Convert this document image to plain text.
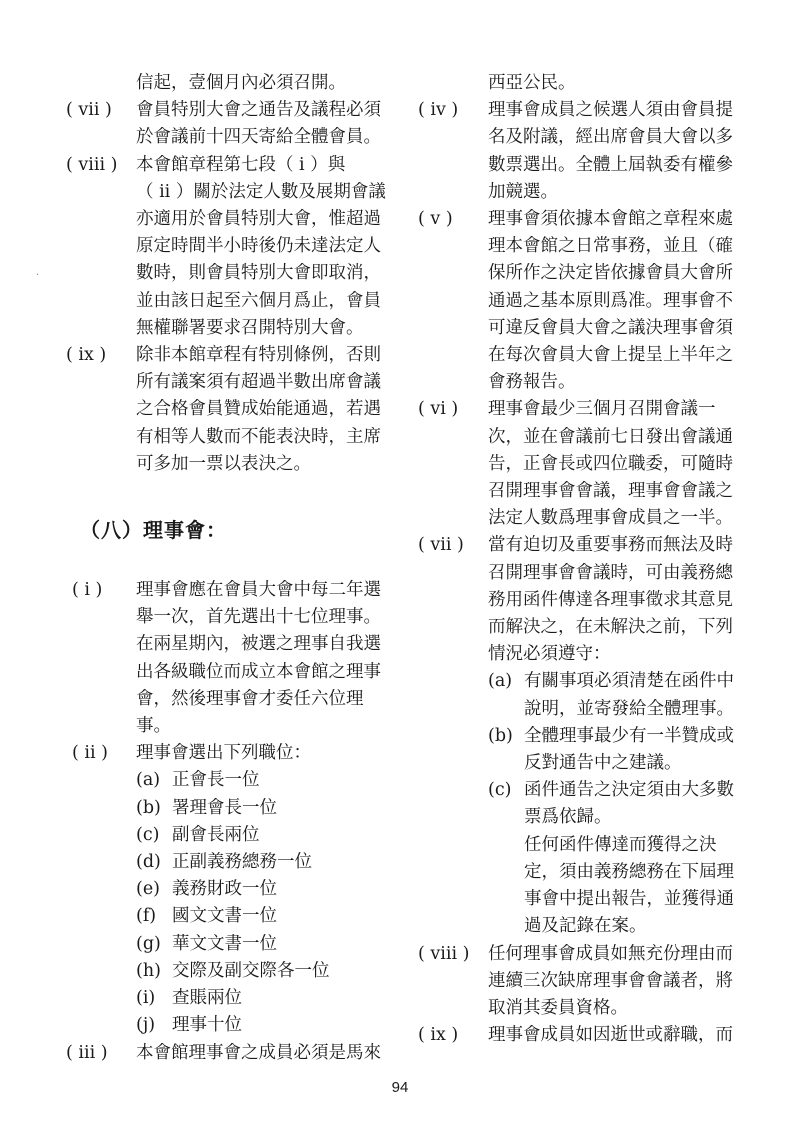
信起，壹個月內必須召開。
( vii )	會員特別大會之通告及議程必須
於會議前十四天寄給全體會員。
( viii )	本會館章程第七段（ i ）與
（ ii ）關於法定人數及展期會議
亦適用於會員特別大會，惟超過
原定時間半小時後仍未達法定人
數時，則會員特別大會即取消，
並由該日起至六個月爲止，會員
無權聯署要求召開特別大會。
( ix )	除非本館章程有特別條例，否則
所有議案須有超過半數出席會議
之合格會員贊成始能通過，若遇
有相等人數而不能表決時，主席
可多加一票以表決之。
（八）理事會：
( i )	理事會應在會員大會中每二年選
舉一次，首先選出十七位理事。
在兩星期內，被選之理事自我選
出各級職位而成立本會館之理事
會，然後理事會才委任六位理
事。
( ii )	理事會選出下列職位：
(a) 正會長一位
(b) 署理會長一位
(c) 副會長兩位
(d) 正副義務總務一位
(e) 義務財政一位
(f) 國文文書一位
(g) 華文文書一位
(h) 交際及副交際各一位
(i) 查賬兩位
(j) 理事十位
( iii )	本會館理事會之成員必須是馬來
西亞公民。
( iv )	理事會成員之候選人須由會員提
名及附議，經出席會員大會以多
數票選出。全體上屆執委有權參
加競選。
( v )	理事會須依據本會館之章程來處
理本會館之日常事務，並且（確
保所作之決定皆依據會員大會所
通過之基本原則爲准。理事會不
可違反會員大會之議決理事會須
在每次會員大會上提呈上半年之
會務報告。
( vi )	理事會最少三個月召開會議一
次，並在會議前七日發出會議通
告，正會長或四位職委，可隨時
召開理事會會議，理事會會議之
法定人數爲理事會成員之一半。
( vii )	當有迫切及重要事務而無法及時
召開理事會會議時，可由義務總
務用函件傳達各理事徵求其意見
而解決之，在未解決之前，下列
情況必須遵守：
(a) 有關事項必須清楚在函件中
說明，並寄發給全體理事。
(b) 全體理事最少有一半贊成或
反對通告中之建議。
(c) 函件通告之決定須由大多數
票爲依歸。
任何函件傳達而獲得之決
定，須由義務總務在下屆理
事會中提出報告，並獲得通
過及記錄在案。
( viii )	任何理事會成員如無充份理由而
連續三次缺席理事會會議者，將
取消其委員資格。
( ix )	理事會成員如因逝世或辭職，而
·
94
